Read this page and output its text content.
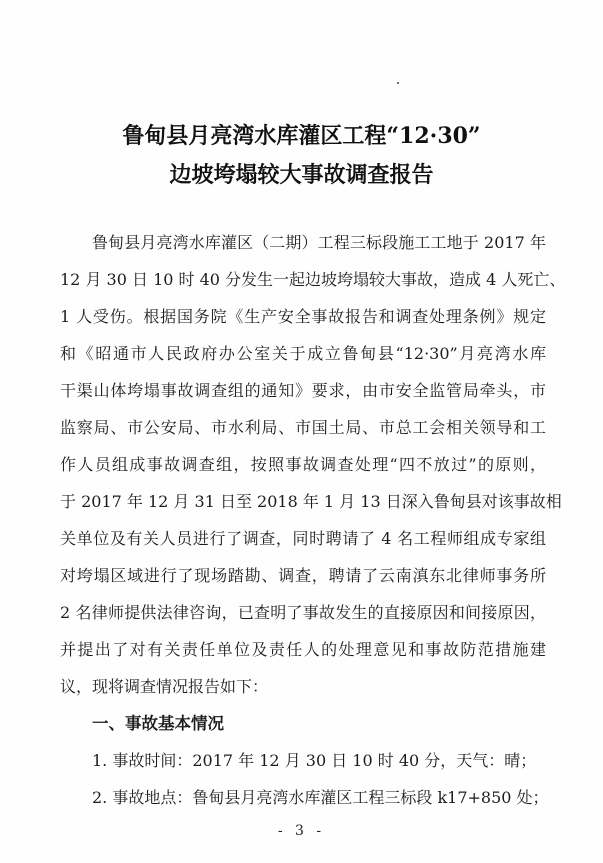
鲁甸县月亮湾水库灌区工程“12·30”
边坡垮塌较大事故调查报告
鲁甸县月亮湾水库灌区（二期）工程三标段施工工地于 2017 年
12 月 30 日 10 时 40 分发生一起边坡垮塌较大事故，造成 4 人死亡、
1 人受伤。根据国务院《生产安全事故报告和调查处理条例》规定
和《昭通市人民政府办公室关于成立鲁甸县“12·30”月亮湾水库
干渠山体垮塌事故调查组的通知》要求，由市安全监管局牵头，市
监察局、市公安局、市水利局、市国土局、市总工会相关领导和工
作人员组成事故调查组，按照事故调查处理“四不放过”的原则，
于 2017 年 12 月 31 日至 2018 年 1 月 13 日深入鲁甸县对该事故相
关单位及有关人员进行了调查，同时聘请了 4 名工程师组成专家组
对垮塌区域进行了现场踏勘、调查，聘请了云南滇东北律师事务所
2 名律师提供法律咨询，已查明了事故发生的直接原因和间接原因，
并提出了对有关责任单位及责任人的处理意见和事故防范措施建
议，现将调查情况报告如下：
一、事故基本情况
1. 事故时间：2017 年 12 月 30 日 10 时 40 分，天气：晴；
2. 事故地点：鲁甸县月亮湾水库灌区工程三标段 k17+850 处；
- 3 -
